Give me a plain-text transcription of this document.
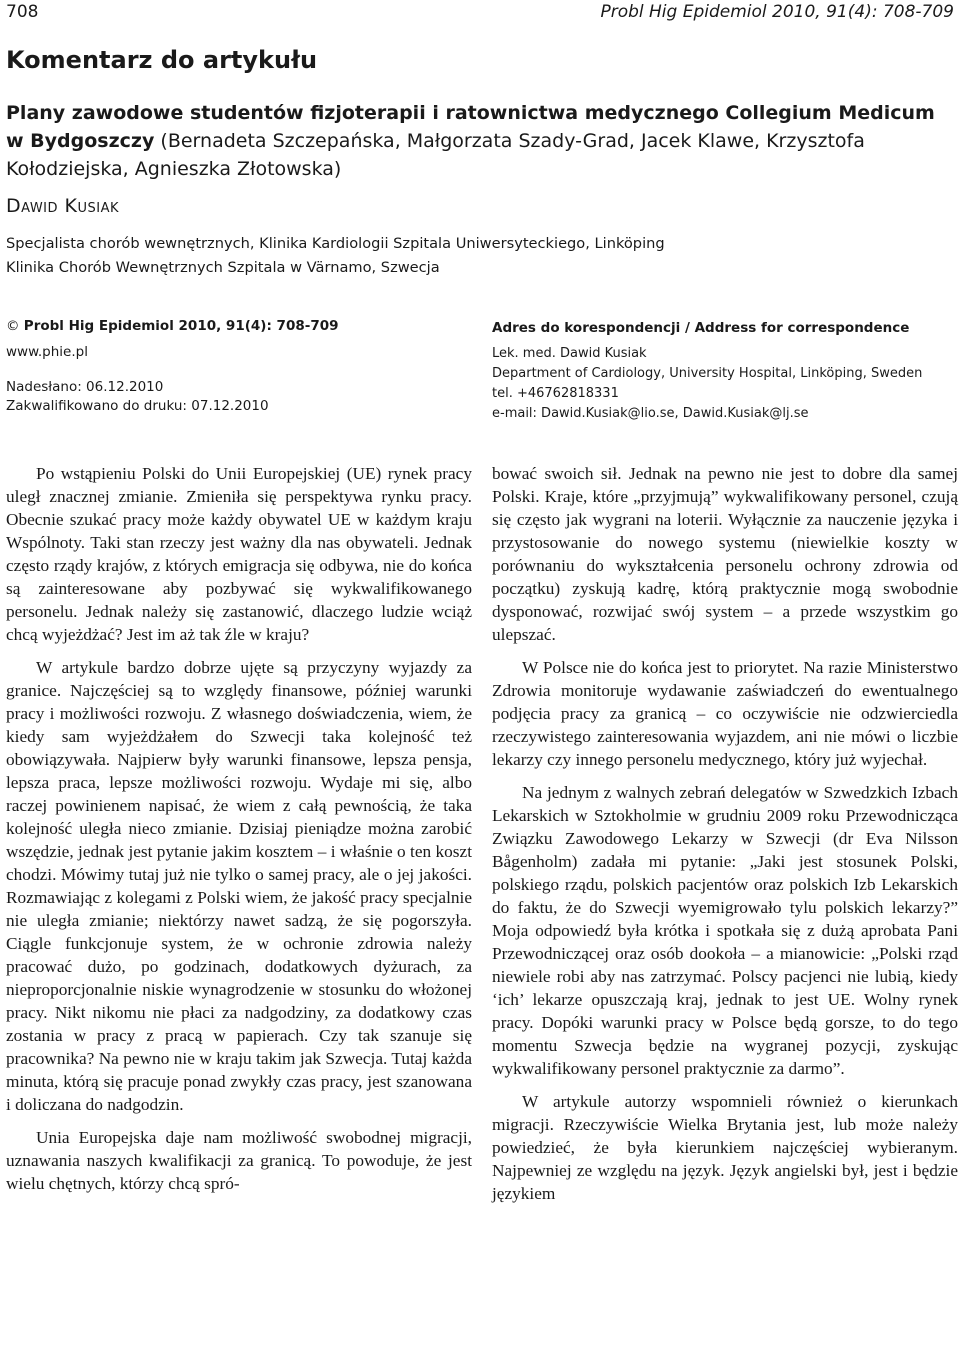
708	Probl Hig Epidemiol 2010, 91(4): 708-709
Komentarz do artykułu
Plany zawodowe studentów fizjoterapii i ratownictwa medycznego Collegium Medicum w Bydgoszczy (Bernadeta Szczepańska, Małgorzata Szady-Grad, Jacek Klawe, Krzysztofa Kołodziejska, Agnieszka Złotowska)
Dawid Kusiak
Specjalista chorób wewnętrznych, Klinika Kardiologii Szpitala Uniwersyteckiego, Linköping
Klinika Chorób Wewnętrznych Szpitala w Värnamo, Szwecja
© Probl Hig Epidemiol 2010, 91(4): 708-709
www.phie.pl
Nadesłano: 06.12.2010
Zakwalifikowano do druku: 07.12.2010
Adres do korespondencji / Address for correspondence
Lek. med. Dawid Kusiak
Department of Cardiology, University Hospital, Linköping, Sweden
tel. +46762818331
e-mail: Dawid.Kusiak@lio.se, Dawid.Kusiak@lj.se

Po wstąpieniu Polski do Unii Europejskiej (UE) rynek pracy uległ znacznej zmianie. Zmieniła się perspektywa rynku pracy. Obecnie szukać pracy może każdy obywatel UE w każdym kraju Wspólnoty. Taki stan rzeczy jest ważny dla nas obywateli. Jednak często rządy krajów, z których emigracja się odbywa, nie do końca są zainteresowane aby pozbywać się wykwalifikowanego personelu. Jednak należy się zastanowić, dlaczego ludzie wciąż chcą wyjeżdżać? Jest im aż tak źle w kraju?

W artykule bardzo dobrze ujęte są przyczyny wyjazdy za granice. Najczęściej są to względy finansowe, później warunki pracy i możliwości rozwoju. Z własnego doświadczenia, wiem, że kiedy sam wyjeżdżałem do Szwecji taka kolejność też obowiązywała. Najpierw były warunki finansowe, lepsza pensja, lepsza praca, lepsze możliwości rozwoju. Wydaje mi się, albo raczej powinienem napisać, że wiem z całą pewnością, że taka kolejność uległa nieco zmianie. Dzisiaj pieniądze można zarobić wszędzie, jednak jest pytanie jakim kosztem – i właśnie o ten koszt chodzi. Mówimy tutaj już nie tylko o samej pracy, ale o jej jakości. Rozmawiając z kolegami z Polski wiem, że jakość pracy specjalnie nie uległa zmianie; niektórzy nawet sadzą, że się pogorszyła. Ciągle funkcjonuje system, że w ochronie zdrowia należy pracować dużo, po godzinach, dodatkowych dyżurach, za nieproporcjonalnie niskie wynagrodzenie w stosunku do włożonej pracy. Nikt nikomu nie płaci za nadgodziny, za dodatkowy czas zostania w pracy z pracą w papierach. Czy tak szanuje się pracownika? Na pewno nie w kraju takim jak Szwecja. Tutaj każda minuta, którą się pracuje ponad zwykły czas pracy, jest szanowana i doliczana do nadgodzin.

Unia Europejska daje nam możliwość swobodnej migracji, uznawania naszych kwalifikacji za granicą. To powoduje, że jest wielu chętnych, którzy chcą spró-

bować swoich sił. Jednak na pewno nie jest to dobre dla samej Polski. Kraje, które „przyjmują” wykwalifikowany personel, czują się często jak wygrani na loterii. Wyłącznie za nauczenie języka i przystosowanie do nowego systemu (niewielkie koszty w porównaniu do wykształcenia personelu ochrony zdrowia od początku) zyskują kadrę, którą praktycznie mogą swobodnie dysponować, rozwijać swój system – a przede wszystkim go ulepszać.

W Polsce nie do końca jest to priorytet. Na razie Ministerstwo Zdrowia monitoruje wydawanie zaświadczeń do ewentualnego podjęcia pracy za granicą – co oczywiście nie odzwierciedla rzeczywistego zainteresowania wyjazdem, ani nie mówi o liczbie lekarzy czy innego personelu medycznego, który już wyjechał.

Na jednym z walnych zebrań delegatów w Szwedzkich Izbach Lekarskich w Sztokholmie w grudniu 2009 roku Przewodnicząca Związku Zawodowego Lekarzy w Szwecji (dr Eva Nilsson Bågenholm) zadała mi pytanie: „Jaki jest stosunek Polski, polskiego rządu, polskich pacjentów oraz polskich Izb Lekarskich do faktu, że do Szwecji wyemigrowało tylu polskich lekarzy?” Moja odpowiedź była krótka i spotkała się z dużą aprobata Pani Przewodniczącej oraz osób dookoła – a mianowicie: „Polski rząd niewiele robi aby nas zatrzymać. Polscy pacjenci nie lubią, kiedy ‘ich’ lekarze opuszczają kraj, jednak to jest UE. Wolny rynek pracy. Dopóki warunki pracy w Polsce będą gorsze, to do tego momentu Szwecja będzie na wygranej pozycji, zyskując wykwalifikowany personel praktycznie za darmo”.

W artykule autorzy wspomnieli również o kierunkach migracji. Rzeczywiście Wielka Brytania jest, lub może należy powiedzieć, że była kierunkiem najczęściej wybieranym. Najpewniej ze względu na język. Język angielski był, jest i będzie językiem
